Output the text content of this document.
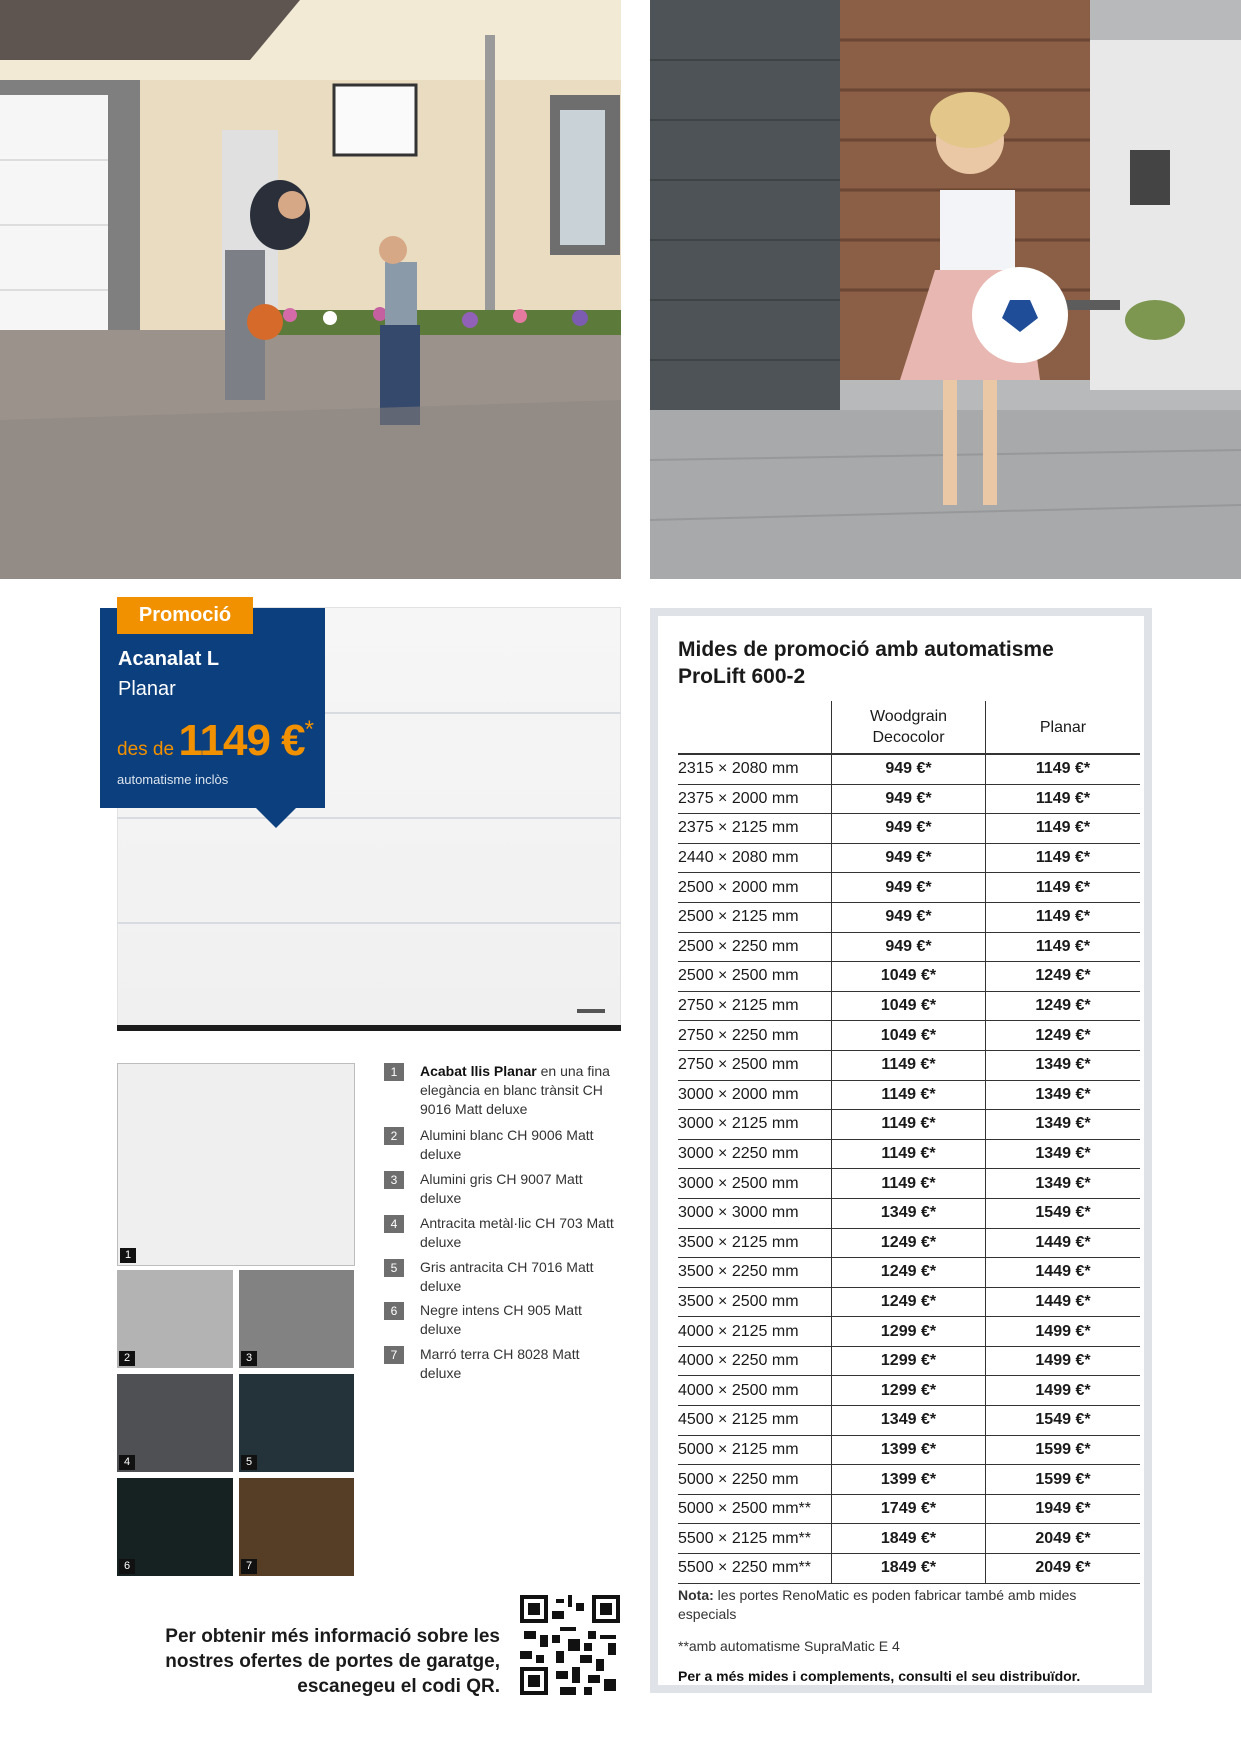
Acanalat L
Planar
des de 1149 €*
automatisme inclòs
Promoció
1
2	3
4	5
6	7
1	Acabat llis Planar en una fina elegància en blanc trànsit CH 9016 Matt deluxe
2	Alumini blanc CH 9006 Matt deluxe
3	Alumini gris CH 9007 Matt deluxe
4	Antracita metàl·lic CH 703 Matt deluxe
5	Gris antracita CH 7016 Matt deluxe
6	Negre intens CH 905 Matt deluxe
7	Marró terra CH 8028 Matt deluxe
Per obtenir més informació sobre les nostres ofertes de portes de garatge, escanegeu el codi QR.
Mides de promoció amb automatisme ProLift 600-2
	Woodgrain Decocolor	Planar
2315 × 2080 mm	949 €*	1149 €*
2375 × 2000 mm	949 €*	1149 €*
2375 × 2125 mm	949 €*	1149 €*
2440 × 2080 mm	949 €*	1149 €*
2500 × 2000 mm	949 €*	1149 €*
2500 × 2125 mm	949 €*	1149 €*
2500 × 2250 mm	949 €*	1149 €*
2500 × 2500 mm	1049 €*	1249 €*
2750 × 2125 mm	1049 €*	1249 €*
2750 × 2250 mm	1049 €*	1249 €*
2750 × 2500 mm	1149 €*	1349 €*
3000 × 2000 mm	1149 €*	1349 €*
3000 × 2125 mm	1149 €*	1349 €*
3000 × 2250 mm	1149 €*	1349 €*
3000 × 2500 mm	1149 €*	1349 €*
3000 × 3000 mm	1349 €*	1549 €*
3500 × 2125 mm	1249 €*	1449 €*
3500 × 2250 mm	1249 €*	1449 €*
3500 × 2500 mm	1249 €*	1449 €*
4000 × 2125 mm	1299 €*	1499 €*
4000 × 2250 mm	1299 €*	1499 €*
4000 × 2500 mm	1299 €*	1499 €*
4500 × 2125 mm	1349 €*	1549 €*
5000 × 2125 mm	1399 €*	1599 €*
5000 × 2250 mm	1399 €*	1599 €*
5000 × 2500 mm**	1749 €*	1949 €*
5500 × 2125 mm**	1849 €*	2049 €*
5500 × 2250 mm**	1849 €*	2049 €*
Nota: les portes RenoMatic es poden fabricar també amb mides especials
**amb automatisme SupraMatic E 4
Per a més mides i complements, consulti el seu distribuïdor.
